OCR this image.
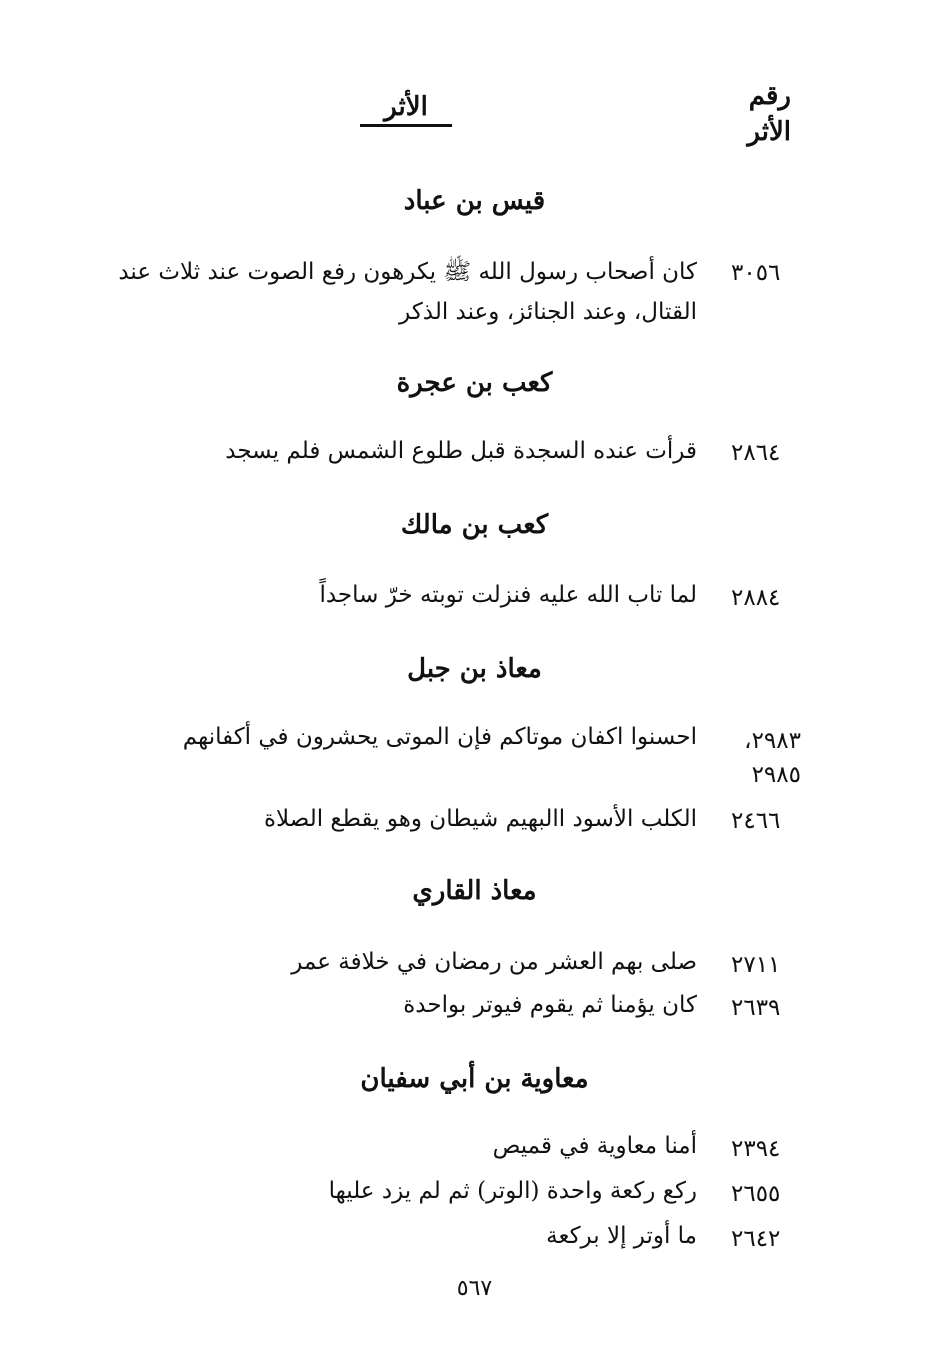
رقم الأثر
الأثر
قيس بن عباد
٣٠٥٦
كان أصحاب رسول الله ﷺ يكرهون رفع الصوت عند ثلاث عند القتال، وعند الجنائز، وعند الذكر
كعب بن عجرة
٢٨٦٤
قرأت عنده السجدة قبل طلوع الشمس فلم يسجد
كعب بن مالك
٢٨٨٤
لما تاب الله عليه فنزلت توبته خرّ ساجداً
معاذ بن جبل
٢٩٨٣، ٢٩٨٥
احسنوا اكفان موتاكم فإن الموتى يحشرون في أكفانهم
٢٤٦٦
الكلب الأسود االبهيم شيطان وهو يقطع الصلاة
معاذ القاري
٢٧١١
صلى بهم العشر من رمضان في خلافة عمر
٢٦٣٩
كان يؤمنا ثم يقوم فيوتر بواحدة
معاوية بن أبي سفيان
٢٣٩٤
أمنا معاوية في قميص
٢٦٥٥
ركع ركعة واحدة (الوتر) ثم لم يزد عليها
٢٦٤٢
ما أوتر إلا بركعة
٥٦٧
